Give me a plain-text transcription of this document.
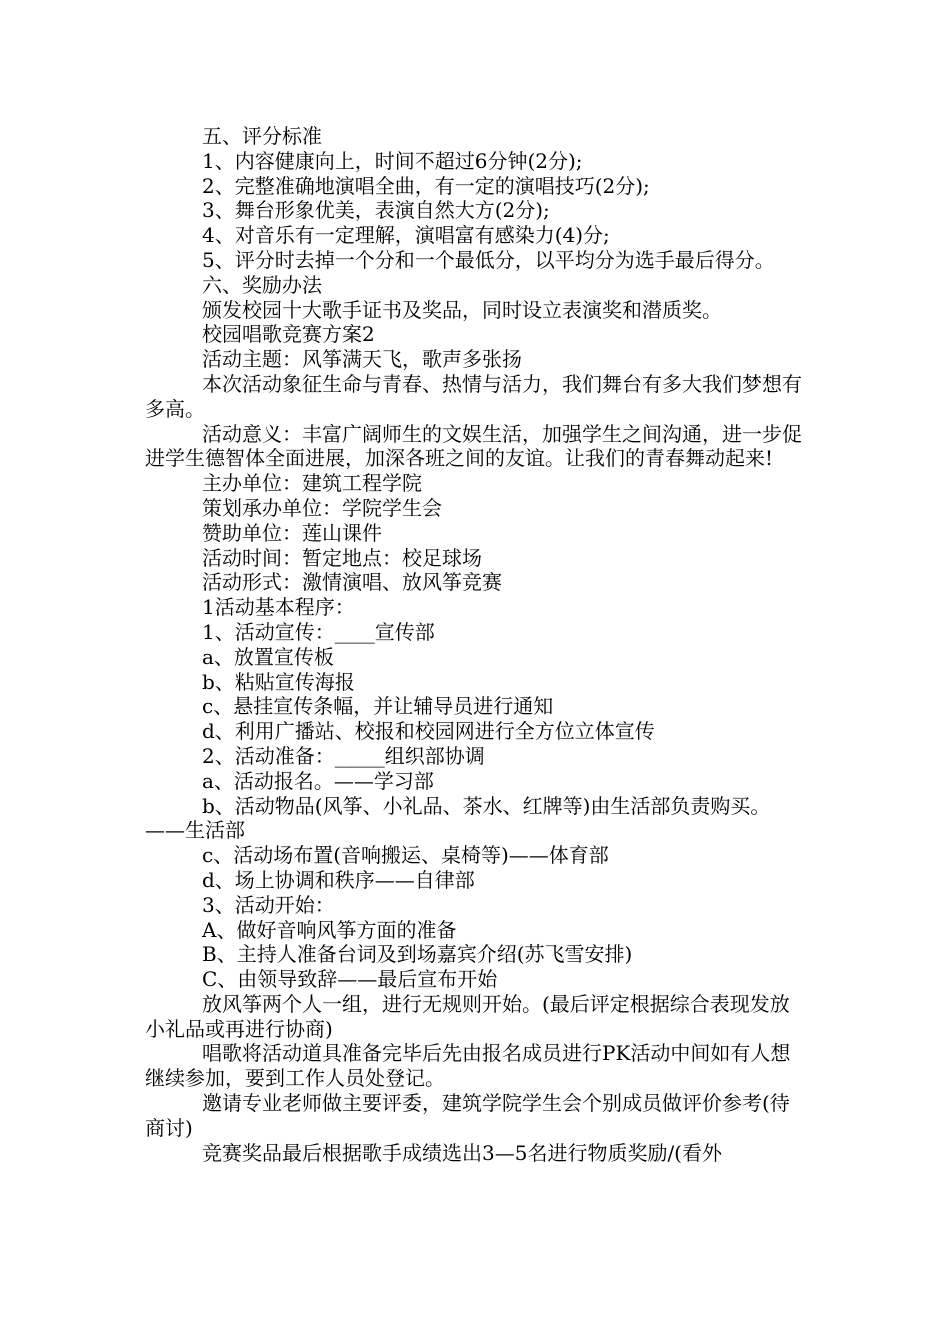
五、评分标准

1、内容健康向上，时间不超过6分钟(2分);

2、完整准确地演唱全曲，有一定的演唱技巧(2分);

3、舞台形象优美，表演自然大方(2分);

4、对音乐有一定理解，演唱富有感染力(4)分;

5、评分时去掉一个分和一个最低分，以平均分为选手最后得分。

六、奖励办法

颁发校园十大歌手证书及奖品，同时设立表演奖和潜质奖。

校园唱歌竞赛方案2

活动主题：风筝满天飞，歌声多张扬

本次活动象征生命与青春、热情与活力，我们舞台有多大我们梦想有多高。

活动意义：丰富广阔师生的文娱生活，加强学生之间沟通，进一步促进学生德智体全面进展，加深各班之间的友谊。让我们的青春舞动起来!

主办单位：建筑工程学院

策划承办单位：学院学生会

赞助单位：莲山课件

活动时间：暂定地点：校足球场

活动形式：激情演唱、放风筝竞赛

1活动基本程序：

1、活动宣传：____宣传部

a、放置宣传板

b、粘贴宣传海报

c、悬挂宣传条幅，并让辅导员进行通知

d、利用广播站、校报和校园网进行全方位立体宣传

2、活动准备：_____组织部协调

a、活动报名。——学习部

b、活动物品(风筝、小礼品、茶水、红牌等)由生活部负责购买。——生活部

c、活动场布置(音响搬运、桌椅等)——体育部

d、场上协调和秩序——自律部

3、活动开始：

A、做好音响风筝方面的准备

B、主持人准备台词及到场嘉宾介绍(苏飞雪安排)

C、由领导致辞——最后宣布开始

放风筝两个人一组，进行无规则开始。(最后评定根据综合表现发放小礼品或再进行协商)

唱歌将活动道具准备完毕后先由报名成员进行PK活动中间如有人想继续参加，要到工作人员处登记。

邀请专业老师做主要评委，建筑学院学生会个别成员做评价参考(待商讨)

竞赛奖品最后根据歌手成绩选出3—5名进行物质奖励/(看外
